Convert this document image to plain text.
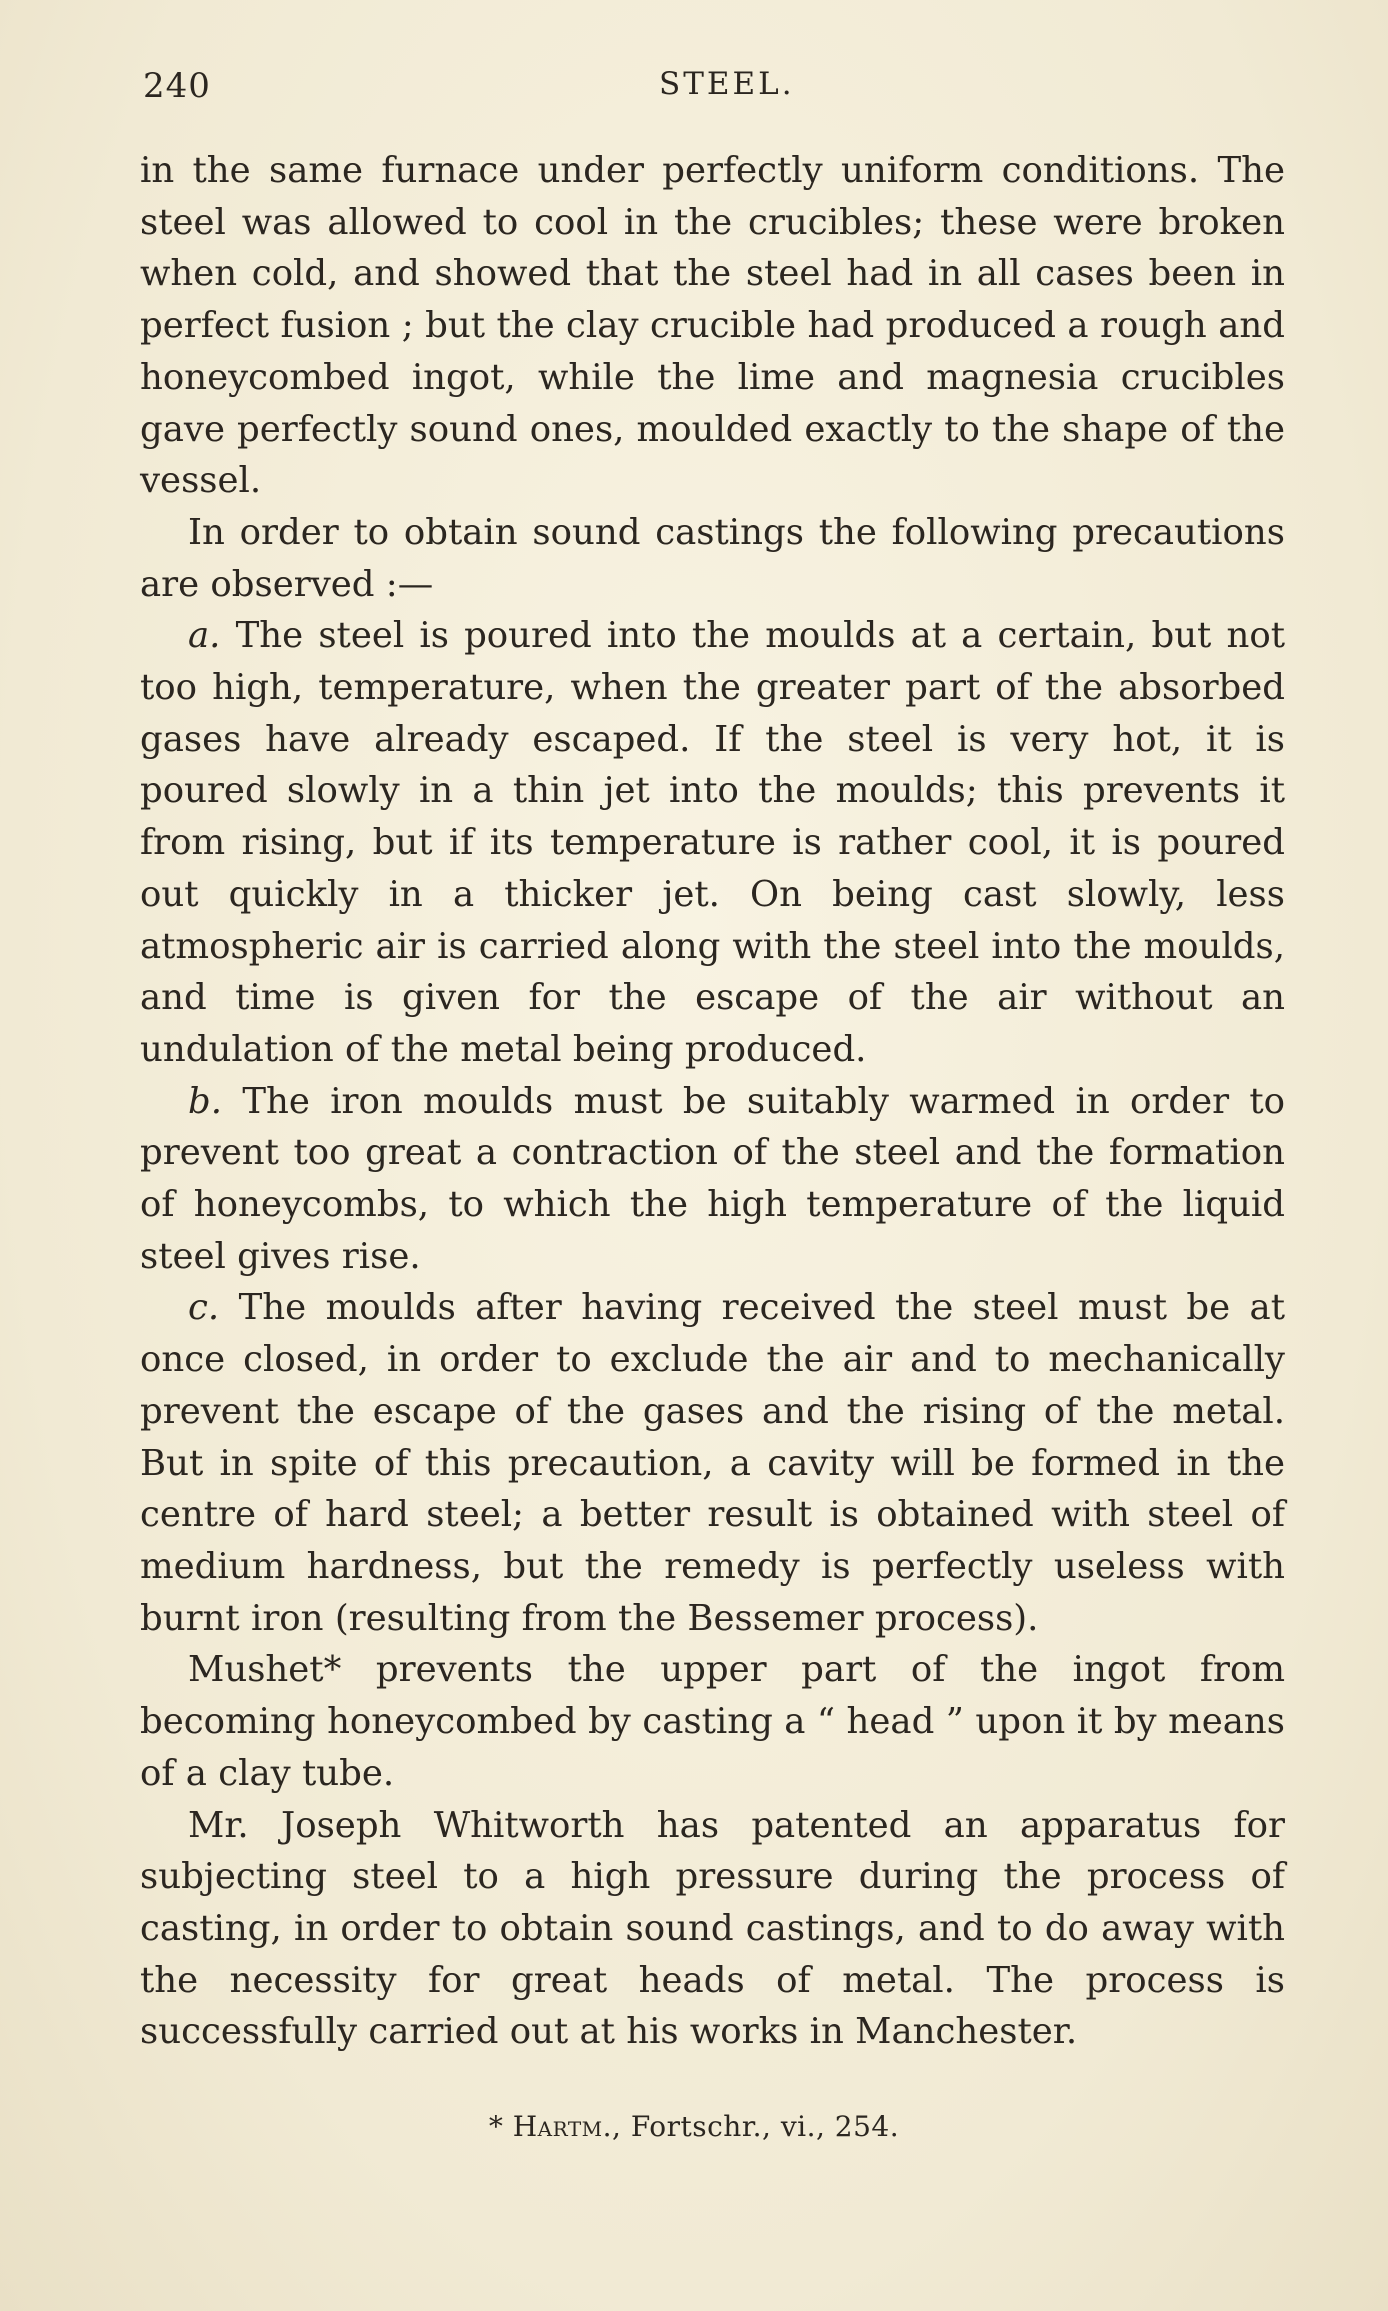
240	STEEL.

in the same furnace under perfectly uniform conditions. The steel was allowed to cool in the crucibles; these were broken when cold, and showed that the steel had in all cases been in perfect fusion ; but the clay crucible had produced a rough and honeycombed ingot, while the lime and magnesia crucibles gave perfectly sound ones, moulded exactly to the shape of the vessel.

In order to obtain sound castings the following precautions are observed :—

a. The steel is poured into the moulds at a certain, but not too high, temperature, when the greater part of the absorbed gases have already escaped. If the steel is very hot, it is poured slowly in a thin jet into the moulds; this prevents it from rising, but if its temperature is rather cool, it is poured out quickly in a thicker jet. On being cast slowly, less atmospheric air is carried along with the steel into the moulds, and time is given for the escape of the air without an undulation of the metal being produced.

b. The iron moulds must be suitably warmed in order to prevent too great a contraction of the steel and the formation of honeycombs, to which the high temperature of the liquid steel gives rise.

c. The moulds after having received the steel must be at once closed, in order to exclude the air and to mechanically prevent the escape of the gases and the rising of the metal. But in spite of this precaution, a cavity will be formed in the centre of hard steel; a better result is obtained with steel of medium hardness, but the remedy is perfectly useless with burnt iron (resulting from the Bessemer process).

Mushet* prevents the upper part of the ingot from becoming honeycombed by casting a “ head ” upon it by means of a clay tube.

Mr. Joseph Whitworth has patented an apparatus for subjecting steel to a high pressure during the process of casting, in order to obtain sound castings, and to do away with the necessity for great heads of metal. The process is successfully carried out at his works in Manchester.

* Hartm., Fortschr., vi., 254.
